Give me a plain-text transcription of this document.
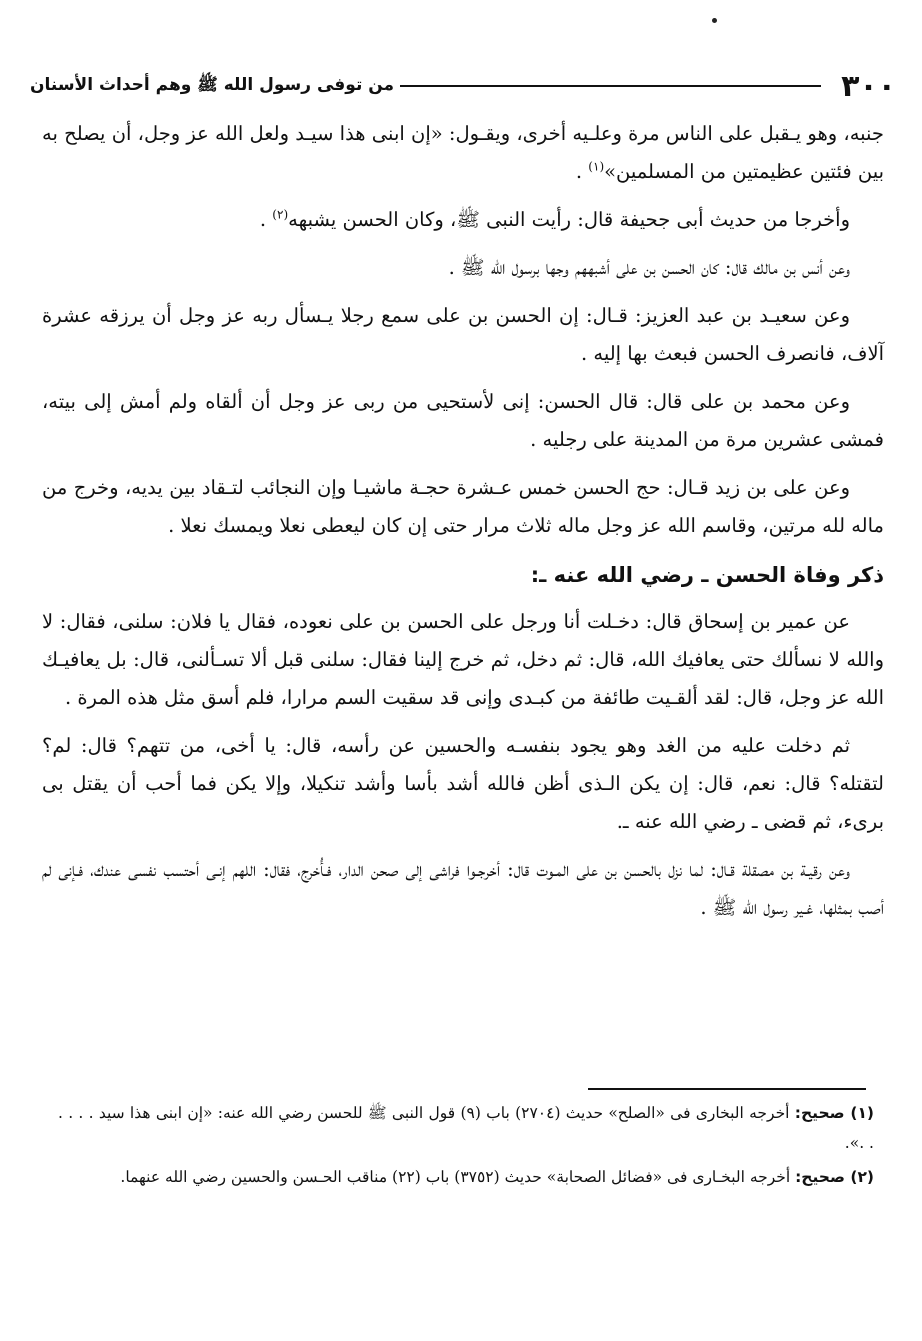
٣٠٠
من توفى رسول الله ﷺ وهم أحداث الأسنان

جنبه، وهو يـقبل على الناس مرة وعلـيه أخرى، ويقـول: «إن ابنى هذا سيـد ولعل الله عز وجل، أن يصلح به بين فئتين عظيمتين من المسلمين»$^{(١)}$ .

وأخرجا من حديث أبى جحيفة قال: رأيت النبى ﷺ، وكان الحسن يشبهه$^{(٢)}$ .

وعن أنس بن مالك قال: كان الحسن بن على أشبههم وجها برسول الله ﷺ .

وعن سعيـد بن عبد العزيز: قـال: إن الحسن بن على سمع رجلا يـسأل ربه عز وجل أن يرزقه عشرة آلاف، فانصرف الحسن فبعث بها إليه .

وعن محمد بن على قال: قال الحسن: إنى لأستحيى من ربى عز وجل أن ألقاه ولم أمش إلى بيته، فمشى عشرين مرة من المدينة على رجليه .

وعن على بن زيد قـال: حج الحسن خمس عـشرة حجـة ماشيـا وإن النجائب لتـقاد بين يديه، وخرج من ماله لله مرتين، وقاسم الله عز وجل ماله ثلاث مرار حتى إن كان ليعطى نعلا ويمسك نعلا .

ذكر وفاة الحسن ـ رضي الله عنه ـ:

عن عمير بن إسحاق قال: دخـلت أنا ورجل على الحسن بن على نعوده، فقال يا فلان: سلنى، فقال: لا والله لا نسألك حتى يعافيك الله، قال: ثم دخل، ثم خرج إلينا فقال: سلنى قبل ألا تسـألنى، قال: بل يعافيـك الله عز وجل، قال: لقد ألقـيت طائفة من كبـدى وإنى قد سقيت السم مرارا، فلم أسق مثل هذه المرة .

ثم دخلت عليه من الغد وهو يجود بنفسـه والحسين عن رأسه، قال: يا أخى، من تتهم؟ قال: لم؟ لتقتله؟ قال: نعم، قال: إن يكن الـذى أظن فالله أشد بأسا وأشد تنكيلا، وإلا يكن فما أحب أن يقتل بى برىء، ثم قضى ـ رضي الله عنه ـ.

وعن رقيـة بن مصقلة قـال: لما نزل بالحسن بن على المـوت قال: أخرجـوا فراشى إلى صحن الدار، فـأُخرج، فقال: اللهم إنـى أحتسب نفسى عندك، فـإنى لم أصب بمثلها، غـير رسول الله ﷺ .

(١) صحيح: أخرجه البخارى فى «الصلح» حديث (٢٧٠٤) باب (٩) قول النبى ﷺ للحسن رضي الله عنه: «إن ابنى هذا سيد . . . . . .».

(٢) صحيح: أخرجه البخـارى فى «فضائل الصحابة» حديث (٣٧٥٢) باب (٢٢) مناقب الحـسن والحسين رضي الله عنهما.
